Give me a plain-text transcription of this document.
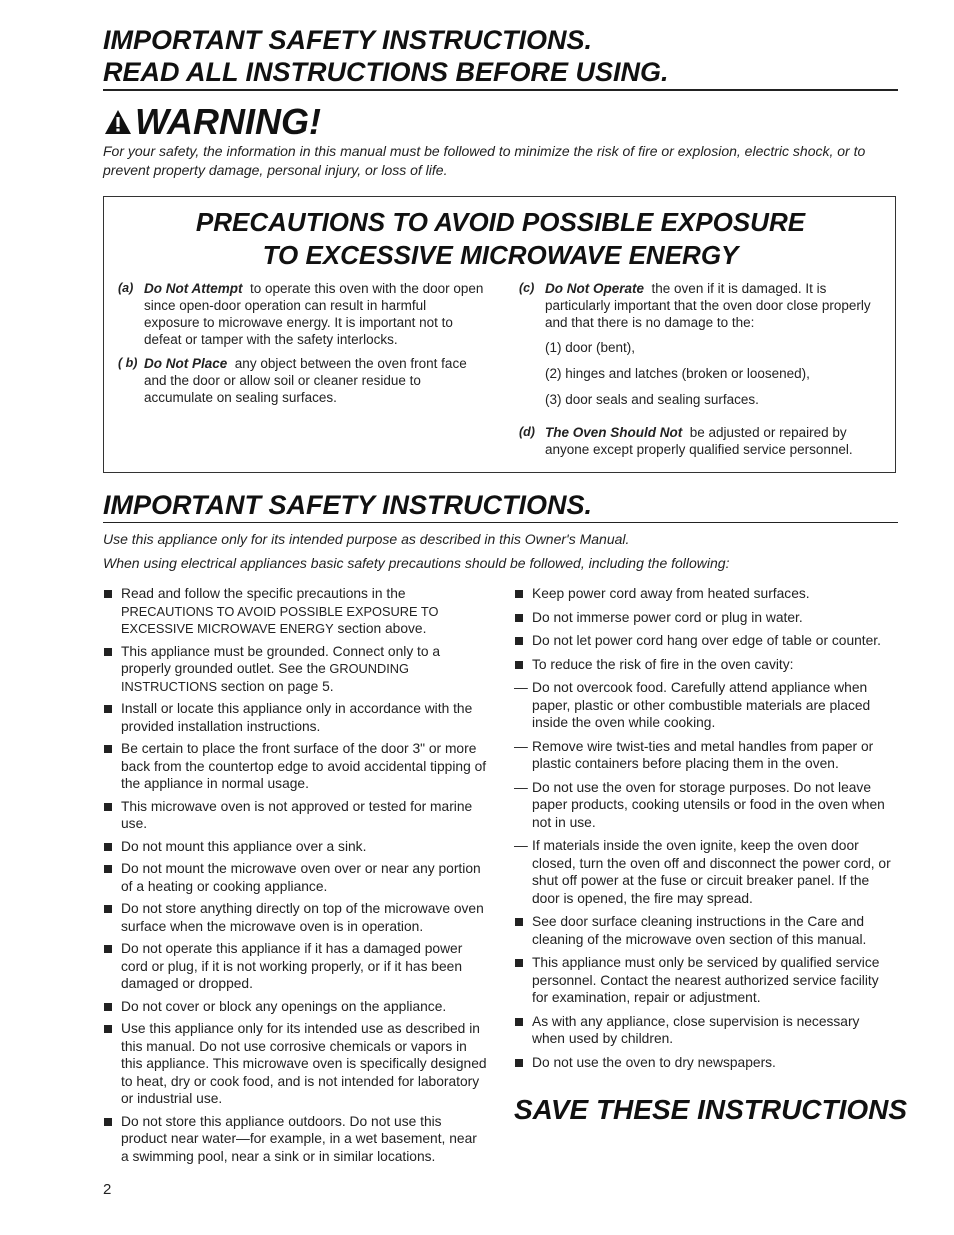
IMPORTANT SAFETY INSTRUCTIONS.
READ ALL INSTRUCTIONS BEFORE USING.
WARNING!
For your safety, the information in this manual must be followed to minimize the risk of fire or explosion, electric shock, or to prevent property damage, personal injury, or loss of life.
PRECAUTIONS TO AVOID POSSIBLE EXPOSURE
TO EXCESSIVE MICROWAVE ENERGY
(a) Do Not Attempt to operate this oven with the door open since open-door operation can result in harmful exposure to microwave energy. It is important not to defeat or tamper with the safety interlocks.
( b) Do Not Place any object between the oven front face and the door or allow soil or cleaner residue to accumulate on sealing surfaces.
(c) Do Not Operate the oven if it is damaged. It is particularly important that the oven door close properly and that there is no damage to the:
(1) door (bent),
(2) hinges and latches (broken or loosened),
(3) door seals and sealing surfaces.
(d) The Oven Should Not be adjusted or repaired by anyone except properly qualified service personnel.
IMPORTANT SAFETY INSTRUCTIONS.
Use this appliance only for its intended purpose as described in this Owner's Manual.
When using electrical appliances basic safety precautions should be followed, including the following:
Read and follow the specific precautions in the PRECAUTIONS TO AVOID POSSIBLE EXPOSURE TO EXCESSIVE MICROWAVE ENERGY section above.
This appliance must be grounded. Connect only to a properly grounded outlet. See the GROUNDING INSTRUCTIONS section on page 5.
Install or locate this appliance only in accordance with the provided installation instructions.
Be certain to place the front surface of the door 3" or more back from the countertop edge to avoid accidental tipping of the appliance in normal usage.
This microwave oven is not approved or tested for marine use.
Do not mount this appliance over a sink.
Do not mount the microwave oven over or near any portion of a heating or cooking appliance.
Do not store anything directly on top of the microwave oven surface when the microwave oven is in operation.
Do not operate this appliance if it has a damaged power cord or plug, if it is not working properly, or if it has been damaged or dropped.
Do not cover or block any openings on the appliance.
Use this appliance only for its intended use as described in this manual. Do not use corrosive chemicals or vapors in this appliance. This microwave oven is specifically designed to heat, dry or cook food, and is not intended for laboratory or industrial use.
Do not store this appliance outdoors. Do not use this product near water—for example, in a wet basement, near a swimming pool, near a sink or in similar locations.
Keep power cord away from heated surfaces.
Do not immerse power cord or plug in water.
Do not let power cord hang over edge of table or counter.
To reduce the risk of fire in the oven cavity:
— Do not overcook food. Carefully attend appliance when paper, plastic or other combustible materials are placed inside the oven while cooking.
— Remove wire twist-ties and metal handles from paper or plastic containers before placing them in the oven.
— Do not use the oven for storage purposes. Do not leave paper products, cooking utensils or food in the oven when not in use.
— If materials inside the oven ignite, keep the oven door closed, turn the oven off and disconnect the power cord, or shut off power at the fuse or circuit breaker panel. If the door is opened, the fire may spread.
See door surface cleaning instructions in the Care and cleaning of the microwave oven section of this manual.
This appliance must only be serviced by qualified service personnel. Contact the nearest authorized service facility for examination, repair or adjustment.
As with any appliance, close supervision is necessary when used by children.
Do not use the oven to dry newspapers.
SAVE THESE INSTRUCTIONS
2
